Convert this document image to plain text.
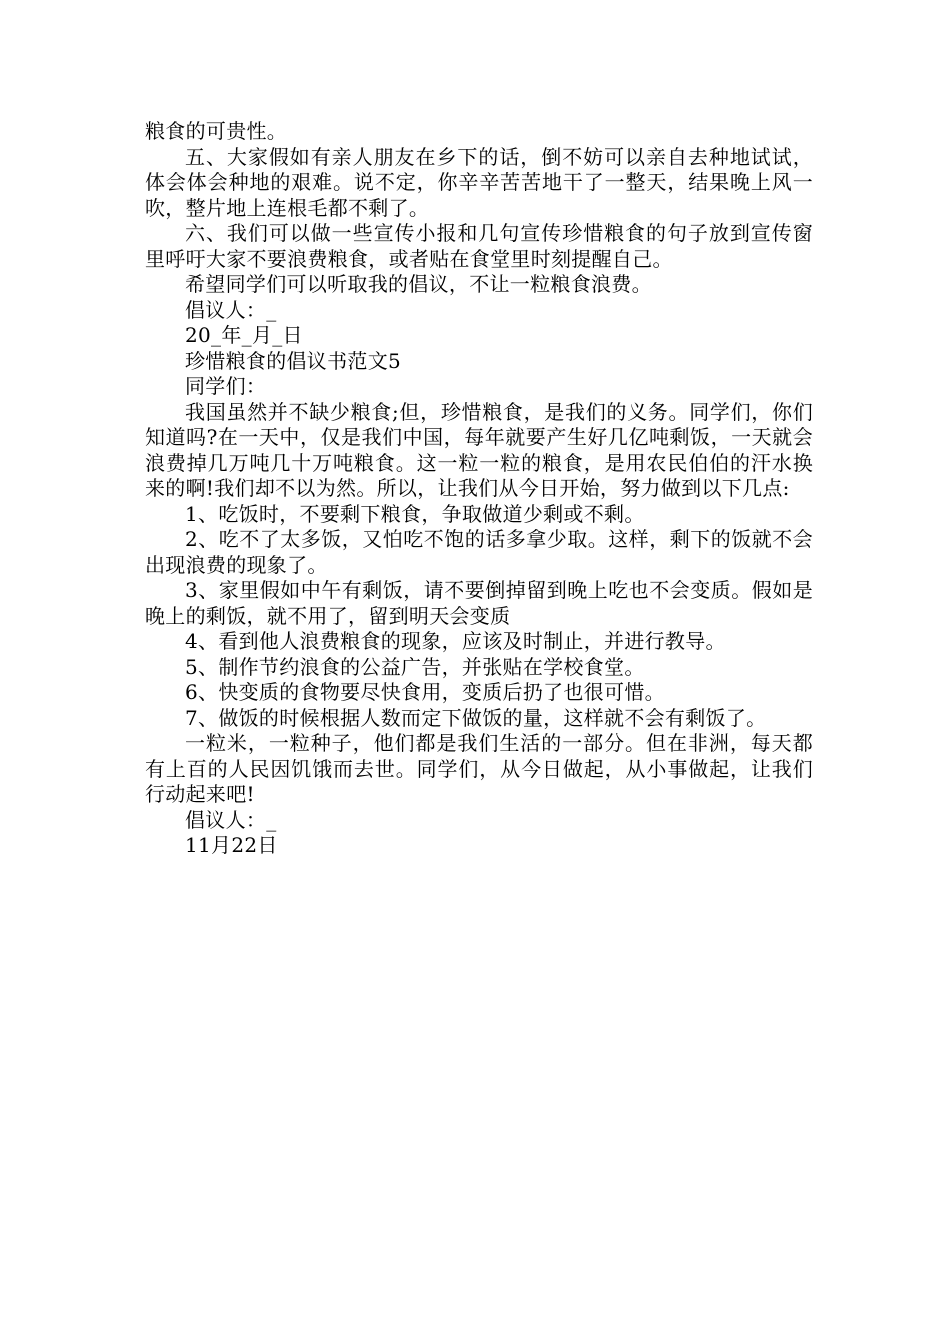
粮食的可贵性。

五、大家假如有亲人朋友在乡下的话，倒不妨可以亲自去种地试试，体会体会种地的艰难。说不定，你辛辛苦苦地干了一整天，结果晚上风一吹，整片地上连根毛都不剩了。

六、我们可以做一些宣传小报和几句宣传珍惜粮食的句子放到宣传窗里呼吁大家不要浪费粮食，或者贴在食堂里时刻提醒自己。

希望同学们可以听取我的倡议，不让一粒粮食浪费。

倡议人：_

20_年_月_日

珍惜粮食的倡议书范文5

同学们：

我国虽然并不缺少粮食;但，珍惜粮食，是我们的义务。同学们，你们知道吗?在一天中，仅是我们中国，每年就要产生好几亿吨剩饭，一天就会浪费掉几万吨几十万吨粮食。这一粒一粒的粮食，是用农民伯伯的汗水换来的啊!我们却不以为然。所以，让我们从今日开始，努力做到以下几点:

1、吃饭时，不要剩下粮食，争取做道少剩或不剩。

2、吃不了太多饭，又怕吃不饱的话多拿少取。这样，剩下的饭就不会出现浪费的现象了。

3、家里假如中午有剩饭，请不要倒掉留到晚上吃也不会变质。假如是晚上的剩饭，就不用了，留到明天会变质

4、看到他人浪费粮食的现象，应该及时制止，并进行教导。

5、制作节约浪食的公益广告，并张贴在学校食堂。

6、快变质的食物要尽快食用，变质后扔了也很可惜。

7、做饭的时候根据人数而定下做饭的量，这样就不会有剩饭了。

一粒米，一粒种子，他们都是我们生活的一部分。但在非洲，每天都有上百的人民因饥饿而去世。同学们，从今日做起，从小事做起，让我们行动起来吧!

倡议人：_

11月22日
